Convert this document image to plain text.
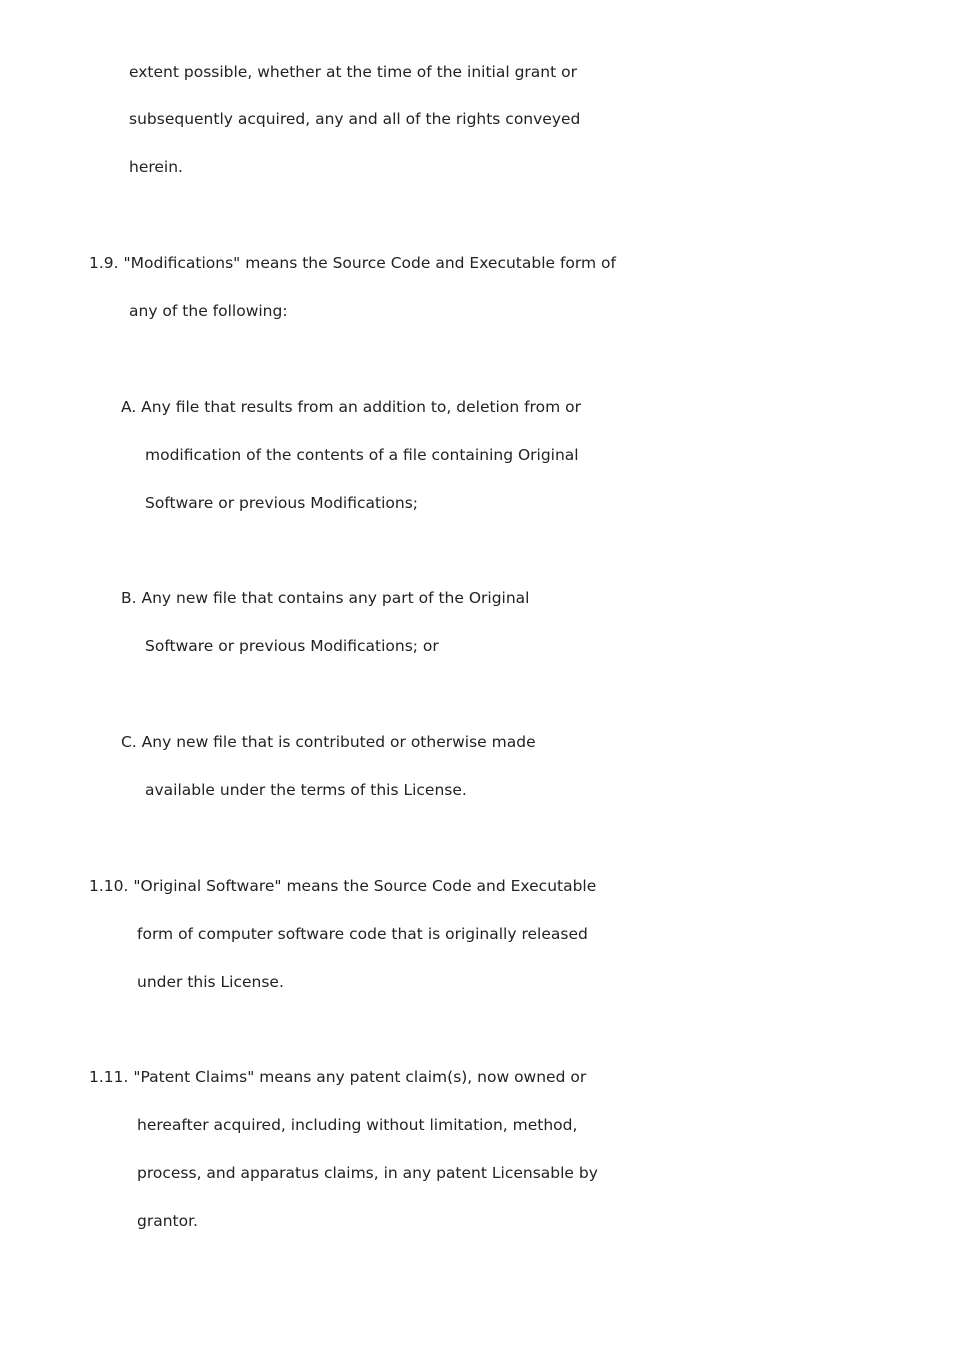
extent possible, whether at the time of the initial grant or

subsequently acquired, any and all of the rights conveyed

herein.

1.9. "Modifications" means the Source Code and Executable form of

any of the following:

A. Any file that results from an addition to, deletion from or

modification of the contents of a file containing Original

Software or previous Modifications;

B. Any new file that contains any part of the Original

Software or previous Modifications; or

C. Any new file that is contributed or otherwise made

available under the terms of this License.

1.10. "Original Software" means the Source Code and Executable

form of computer software code that is originally released

under this License.

1.11. "Patent Claims" means any patent claim(s), now owned or

hereafter acquired, including without limitation, method,

process, and apparatus claims, in any patent Licensable by

grantor.
